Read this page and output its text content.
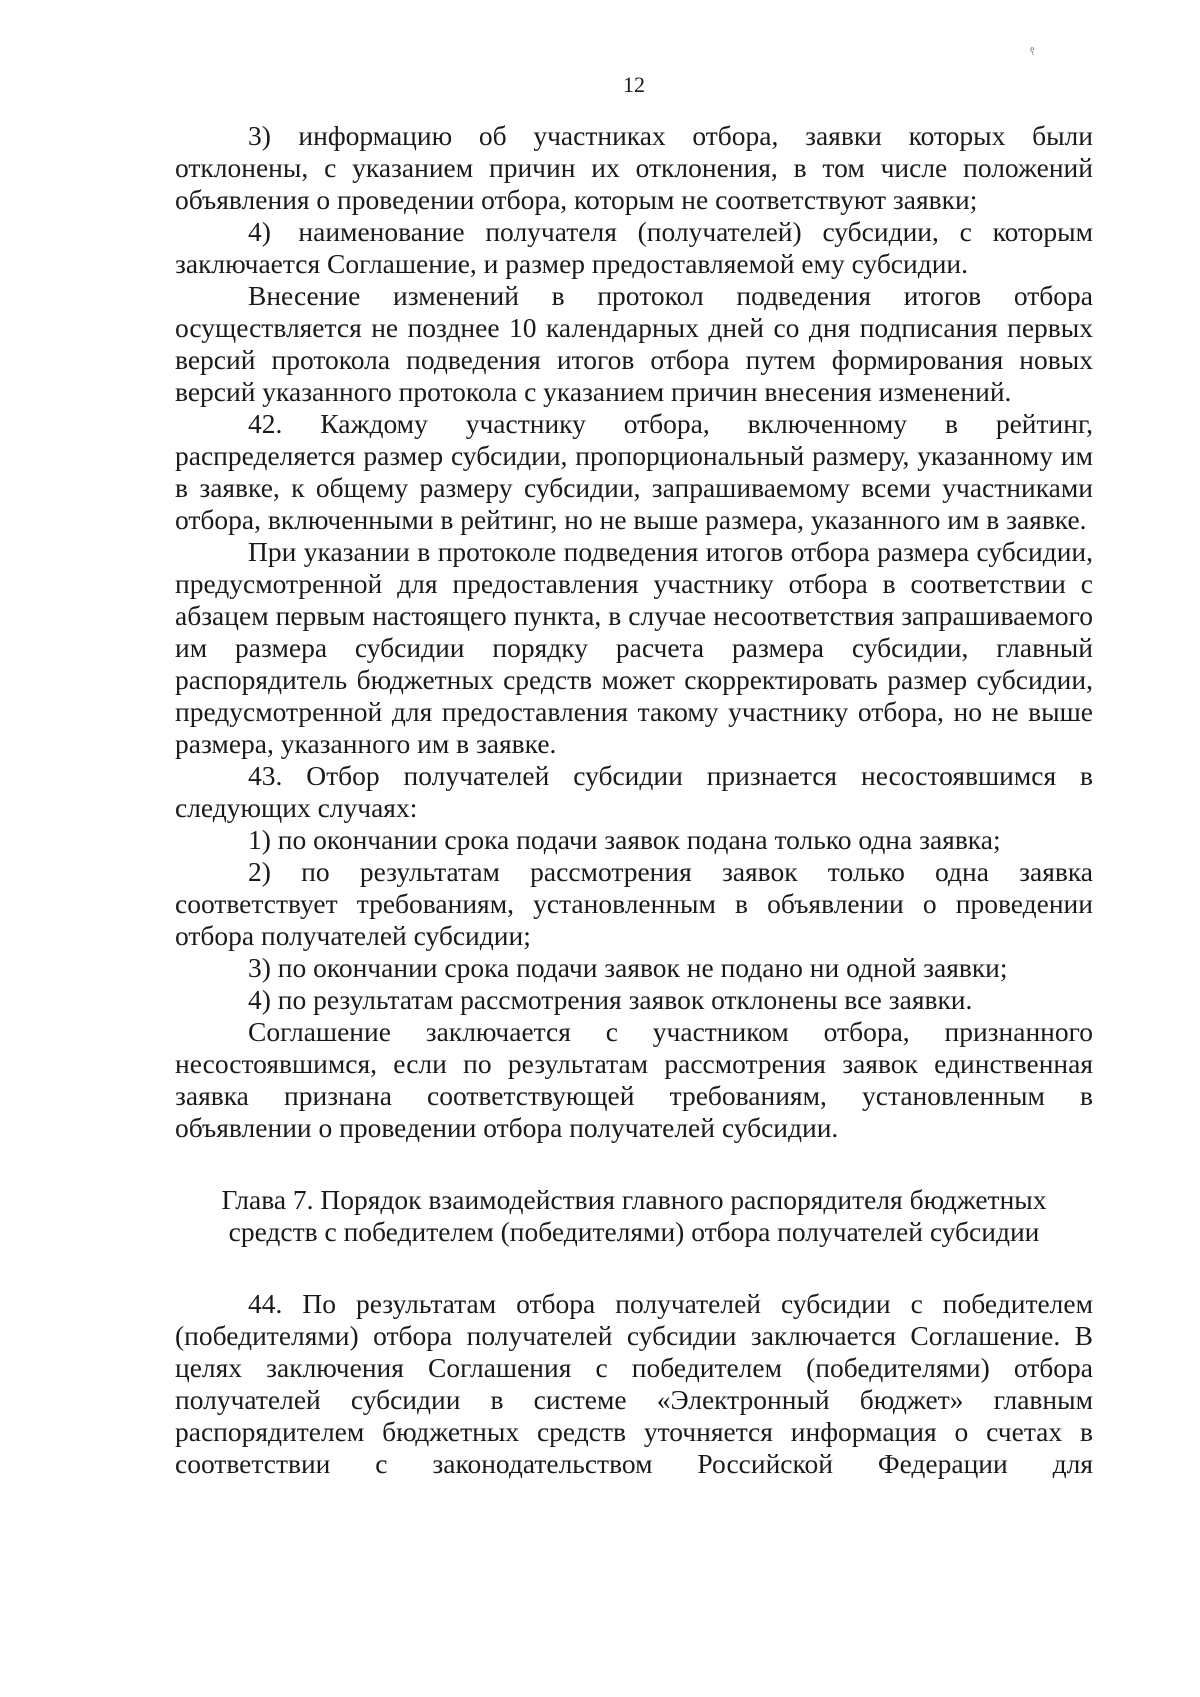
ę
12

3) информацию об участниках отбора, заявки которых были отклонены, с указанием причин их отклонения, в том числе положений объявления о проведении отбора, которым не соответствуют заявки;

4) наименование получателя (получателей) субсидии, с которым заключается Соглашение, и размер предоставляемой ему субсидии.

Внесение изменений в протокол подведения итогов отбора осуществляется не позднее 10 календарных дней со дня подписания первых версий протокола подведения итогов отбора путем формирования новых версий указанного протокола с указанием причин внесения изменений.

42. Каждому участнику отбора, включенному в рейтинг, распределяется размер субсидии, пропорциональный размеру, указанному им в заявке, к общему размеру субсидии, запрашиваемому всеми участниками отбора, включенными в рейтинг, но не выше размера, указанного им в заявке.

При указании в протоколе подведения итогов отбора размера субсидии, предусмотренной для предоставления участнику отбора в соответствии с абзацем первым настоящего пункта, в случае несоответствия запрашиваемого им размера субсидии порядку расчета размера субсидии, главный распорядитель бюджетных средств может скорректировать размер субсидии, предусмотренной для предоставления такому участнику отбора, но не выше размера, указанного им в заявке.

43. Отбор получателей субсидии признается несостоявшимся в следующих случаях:

1) по окончании срока подачи заявок подана только одна заявка;

2) по результатам рассмотрения заявок только одна заявка соответствует требованиям, установленным в объявлении о проведении отбора получателей субсидии;

3) по окончании срока подачи заявок не подано ни одной заявки;

4) по результатам рассмотрения заявок отклонены все заявки.

Соглашение заключается с участником отбора, признанного несостоявшимся, если по результатам рассмотрения заявок единственная заявка признана соответствующей требованиям, установленным в объявлении о проведении отбора получателей субсидии.

Глава 7. Порядок взаимодействия главного распорядителя бюджетных средств с победителем (победителями) отбора получателей субсидии

44. По результатам отбора получателей субсидии с победителем (победителями) отбора получателей субсидии заключается Соглашение. В целях заключения Соглашения с победителем (победителями) отбора получателей субсидии в системе «Электронный бюджет» главным распорядителем бюджетных средств уточняется информация о счетах в соответствии с законодательством Российской Федерации для
